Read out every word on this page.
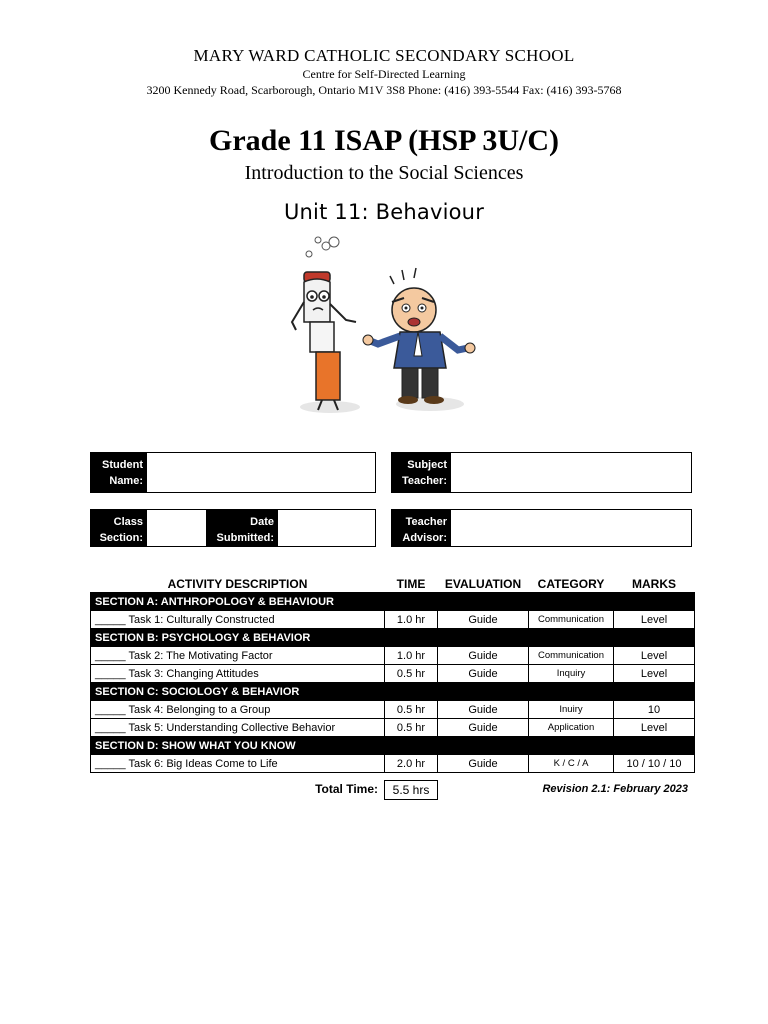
MARY WARD CATHOLIC SECONDARY SCHOOL
Centre for Self-Directed Learning
3200 Kennedy Road, Scarborough, Ontario M1V 3S8 Phone: (416) 393-5544 Fax: (416) 393-5768
Grade 11 ISAP (HSP 3U/C)
Introduction to the Social Sciences
Unit 11: Behaviour
Student
Name:
Subject
Teacher:
Class
Section:
Date
Submitted:
Teacher
Advisor:
ACTIVITY DESCRIPTION	TIME	EVALUATION	CATEGORY	MARKS
SECTION A: ANTHROPOLOGY & BEHAVIOUR				
_____ Task 1: Culturally Constructed	1.0 hr	Guide	Communication	Level
SECTION B: PSYCHOLOGY & BEHAVIOR				
_____ Task 2: The Motivating Factor	1.0 hr	Guide	Communication	Level
_____ Task 3: Changing Attitudes	0.5 hr	Guide	Inquiry	Level
SECTION C: SOCIOLOGY & BEHAVIOR				
_____ Task 4: Belonging to a Group	0.5 hr	Guide	Inuiry	10
_____ Task 5: Understanding Collective Behavior	0.5 hr	Guide	Application	Level
SECTION D: SHOW WHAT YOU KNOW				
_____ Task 6: Big Ideas Come to Life	2.0 hr	Guide	K / C / A	10 / 10 / 10
Total Time:	5.5 hrs	Revision 2.1: February 2023
